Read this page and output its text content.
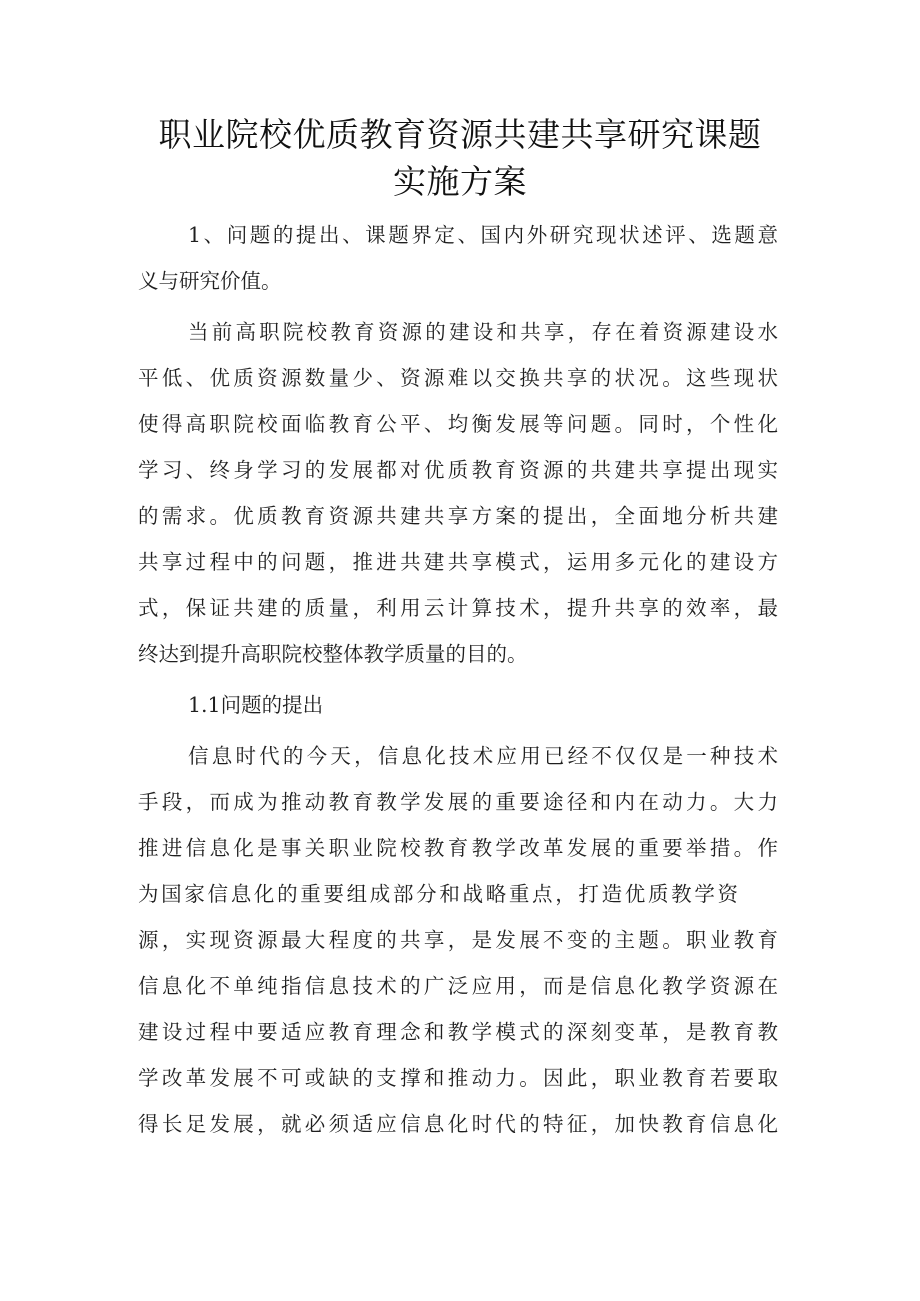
职业院校优质教育资源共建共享研究课题
实施方案
1、问题的提出、课题界定、国内外研究现状述评、选题意
义与研究价值。
当前高职院校教育资源的建设和共享，存在着资源建设水
平低、优质资源数量少、资源难以交换共享的状况。这些现状
使得高职院校面临教育公平、均衡发展等问题。同时，个性化
学习、终身学习的发展都对优质教育资源的共建共享提出现实
的需求。优质教育资源共建共享方案的提出，全面地分析共建
共享过程中的问题，推进共建共享模式，运用多元化的建设方
式，保证共建的质量，利用云计算技术，提升共享的效率，最
终达到提升高职院校整体教学质量的目的。
1.1问题的提出
信息时代的今天，信息化技术应用已经不仅仅是一种技术
手段，而成为推动教育教学发展的重要途径和内在动力。大力
推进信息化是事关职业院校教育教学改革发展的重要举措。作
为国家信息化的重要组成部分和战略重点，打造优质教学资
源，实现资源最大程度的共享，是发展不变的主题。职业教育
信息化不单纯指信息技术的广泛应用，而是信息化教学资源在
建设过程中要适应教育理念和教学模式的深刻变革，是教育教
学改革发展不可或缺的支撑和推动力。因此，职业教育若要取
得长足发展，就必须适应信息化时代的特征，加快教育信息化
